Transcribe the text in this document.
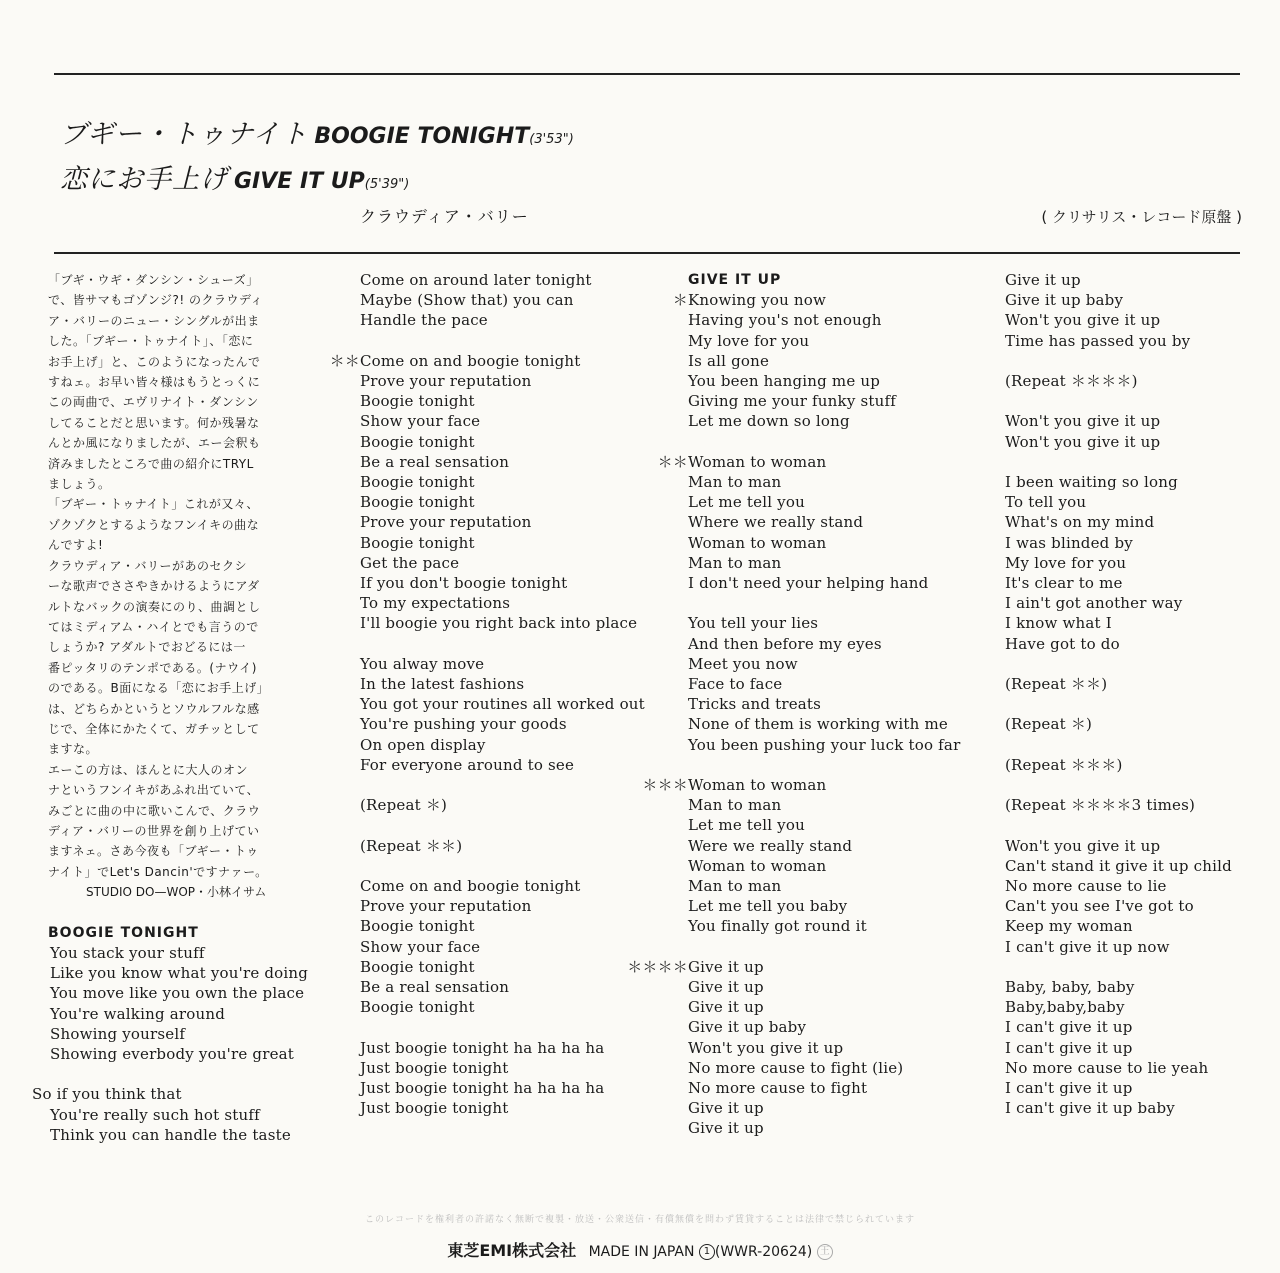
ブギー・トゥナイト BOOGIE TONIGHT(3'53")
恋にお手上げ GIVE IT UP(5'39")
クラウディア・バリー	( クリサリス・レコード原盤 )
「ブギ・ウギ・ダンシン・シューズ」
で、皆サマもゴゾンジ?! のクラウディ
ア・バリーのニュー・シングルが出ま
した。「ブギー・トゥナイト」、「恋に
お手上げ」と、このようになったんで
すねェ。お早い皆々様はもうとっくに
この両曲で、エヴリナイト・ダンシン
してることだと思います。何か残暑な
んとか風になりましたが、エー会釈も
済みましたところで曲の紹介にTRYL
ましょう。
「ブギー・トゥナイト」これが又々、
ゾクゾクとするようなフンイキの曲な
んですよ!
クラウディア・バリーがあのセクシ
ーな歌声でささやきかけるようにアダ
ルトなバックの演奏にのり、曲調とし
てはミディアム・ハイとでも言うので
しょうか? アダルトでおどるには一
番ピッタリのテンポである。(ナウイ)
のである。B面になる「恋にお手上げ」
は、どちらかというとソウルフルな感
じで、全体にかたくて、ガチッとして
ますな。
エーこの方は、ほんとに大人のオン
ナというフンイキがあふれ出ていて、
みごとに曲の中に歌いこんで、クラウ
ディア・バリーの世界を創り上げてい
ますネェ。さあ今夜も「ブギー・トゥ
ナイト」でLet's Dancin'ですナァー。
STUDIO DO—WOP・小林イサム
BOOGIE TONIGHT
You stack your stuff
Like you know what you're doing
You move like you own the place
You're walking around
Showing yourself
Showing everbody you're great
So if you think that
You're really such hot stuff
Think you can handle the taste
Come on around later tonight
Maybe (Show that) you can
Handle the pace
＊＊Come on and boogie tonight
Prove your reputation
Boogie tonight
Show your face
Boogie tonight
Be a real sensation
Boogie tonight
Boogie tonight
Prove your reputation
Boogie tonight
Get the pace
If you don't boogie tonight
To my expectations
I'll boogie you right back into place
You alway move
In the latest fashions
You got your routines all worked out
You're pushing your goods
On open display
For everyone around to see
(Repeat ＊)
(Repeat ＊＊)
Come on and boogie tonight
Prove your reputation
Boogie tonight
Show your face
Boogie tonight
Be a real sensation
Boogie tonight
Just boogie tonight ha ha ha ha
Just boogie tonight
Just boogie tonight ha ha ha ha
Just boogie tonight
GIVE IT UP
＊Knowing you now
Having you's not enough
My love for you
Is all gone
You been hanging me up
Giving me your funky stuff
Let me down so long
＊＊Woman to woman
Man to man
Let me tell you
Where we really stand
Woman to woman
Man to man
I don't need your helping hand
You tell your lies
And then before my eyes
Meet you now
Face to face
Tricks and treats
None of them is working with me
You been pushing your luck too far
＊＊＊Woman to woman
Man to man
Let me tell you
Were we really stand
Woman to woman
Man to man
Let me tell you baby
You finally got round it
＊＊＊＊Give it up
Give it up
Give it up
Give it up baby
Won't you give it up
No more cause to fight (lie)
No more cause to fight
Give it up
Give it up
Give it up
Give it up baby
Won't you give it up
Time has passed you by
(Repeat ＊＊＊＊)
Won't you give it up
Won't you give it up
I been waiting so long
To tell you
What's on my mind
I was blinded by
My love for you
It's clear to me
I ain't got another way
I know what I
Have got to do
(Repeat ＊＊)
(Repeat ＊)
(Repeat ＊＊＊)
(Repeat ＊＊＊＊3 times)
Won't you give it up
Can't stand it give it up child
No more cause to lie
Can't you see I've got to
Keep my woman
I can't give it up now
Baby, baby, baby
Baby,baby,baby
I can't give it up
I can't give it up
No more cause to lie yeah
I can't give it up
I can't give it up baby
このレコードを権利者の許諾なく無断で複製・放送・公衆送信・有償無償を問わず賃貸することは法律で禁じられています
東芝EMI株式会社 MADE IN JAPAN 1 (WWR-20624) 王
